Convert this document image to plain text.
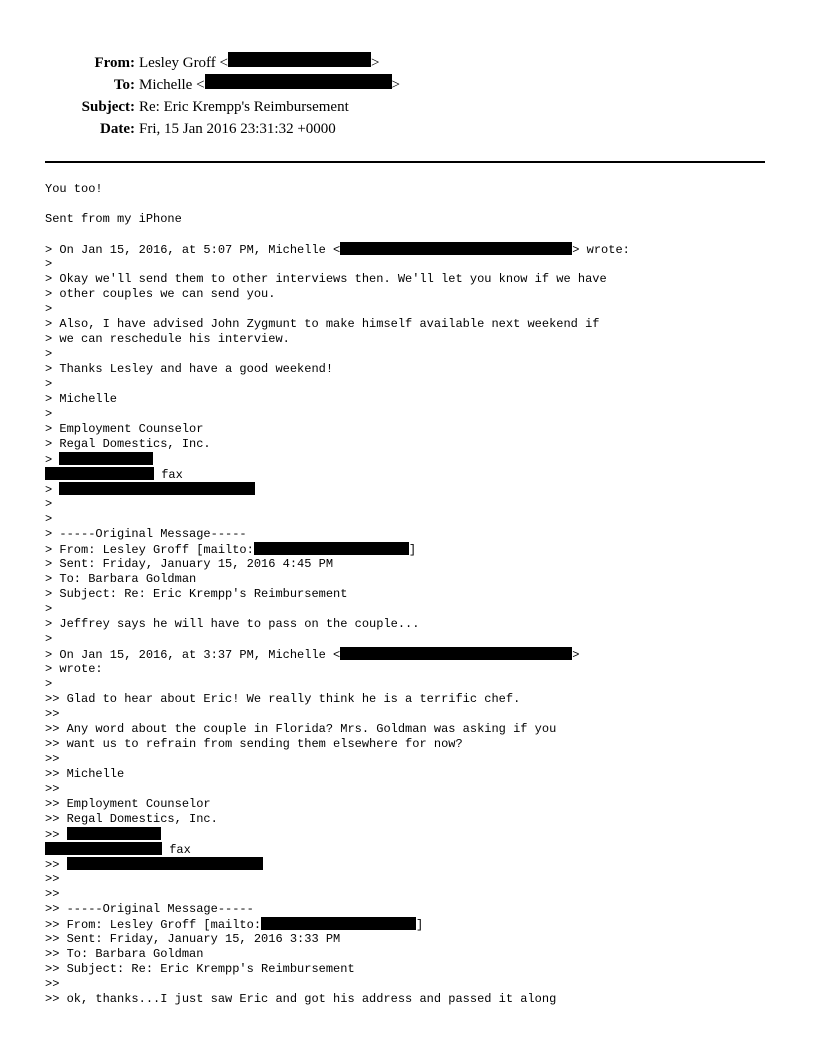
From: Lesley Groff <	>
To: Michelle <	>
Subject: Re: Eric Krempp's Reimbursement
Date: Fri, 15 Jan 2016 23:31:32 +0000
You too!
Sent from my iPhone
> On Jan 15, 2016, at 5:07 PM, Michelle <	> wrote:
>
> Okay we'll send them to other interviews then. We'll let you know if we have
> other couples we can send you.
>
> Also, I have advised John Zygmunt to make himself available next weekend if
> we can reschedule his interview.
>
> Thanks Lesley and have a good weekend!
>
> Michelle
>
> Employment Counselor
> Regal Domestics, Inc.
>
fax
>
>
>
> -----Original Message-----
> From: Lesley Groff [mailto:	]
> Sent: Friday, January 15, 2016 4:45 PM
> To: Barbara Goldman
> Subject: Re: Eric Krempp's Reimbursement
>
> Jeffrey says he will have to pass on the couple...
>
> On Jan 15, 2016, at 3:37 PM, Michelle <	>
> wrote:
>
>> Glad to hear about Eric! We really think he is a terrific chef.
>>
>> Any word about the couple in Florida? Mrs. Goldman was asking if you
>> want us to refrain from sending them elsewhere for now?
>>
>> Michelle
>>
>> Employment Counselor
>> Regal Domestics, Inc.
>>
fax
>>
>>
>>
>> -----Original Message-----
>> From: Lesley Groff [mailto:	]
>> Sent: Friday, January 15, 2016 3:33 PM
>> To: Barbara Goldman
>> Subject: Re: Eric Krempp's Reimbursement
>>
>> ok, thanks...I just saw Eric and got his address and passed it along
